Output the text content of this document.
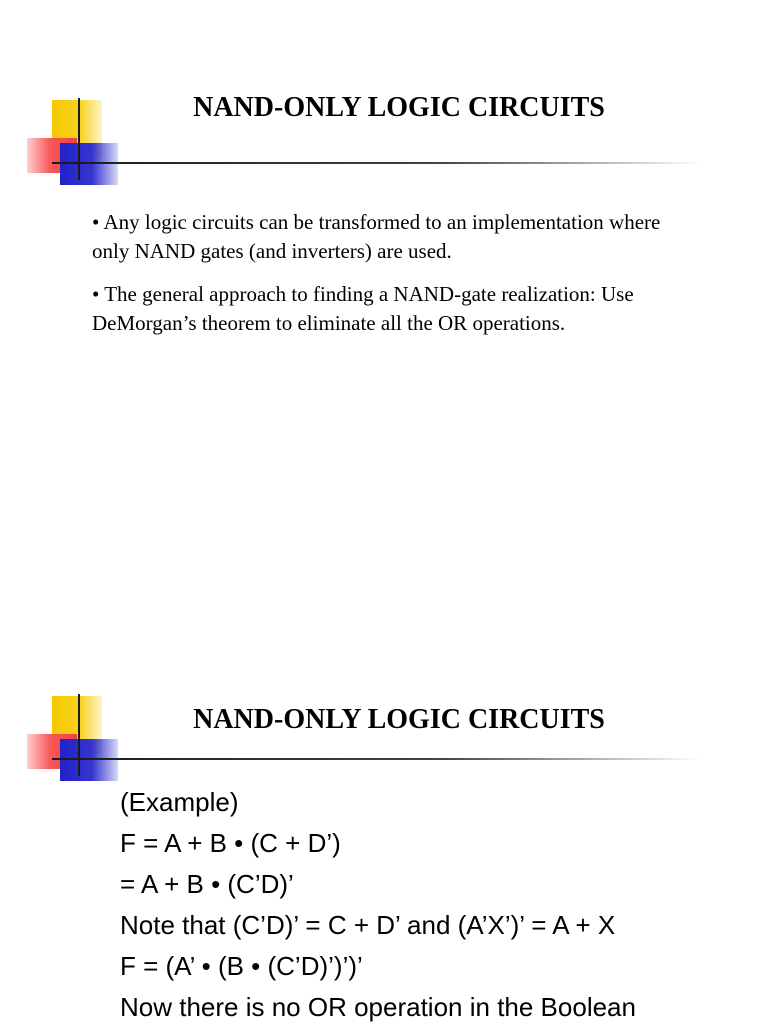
NAND-ONLY LOGIC CIRCUITS

• Any logic circuits can be transformed to an implementation where only NAND gates (and inverters) are used.

• The general approach to finding a NAND-gate realization: Use DeMorgan’s theorem to eliminate all the OR operations.

NAND-ONLY LOGIC CIRCUITS
(Example)
F = A + B • (C + D’)
= A + B • (C’D)’
Note that (C’D)’ = C + D’ and (A’X’)’ = A + X
F = (A’ • (B • (C’D)’)’)’
Now there is no OR operation in the Boolean
